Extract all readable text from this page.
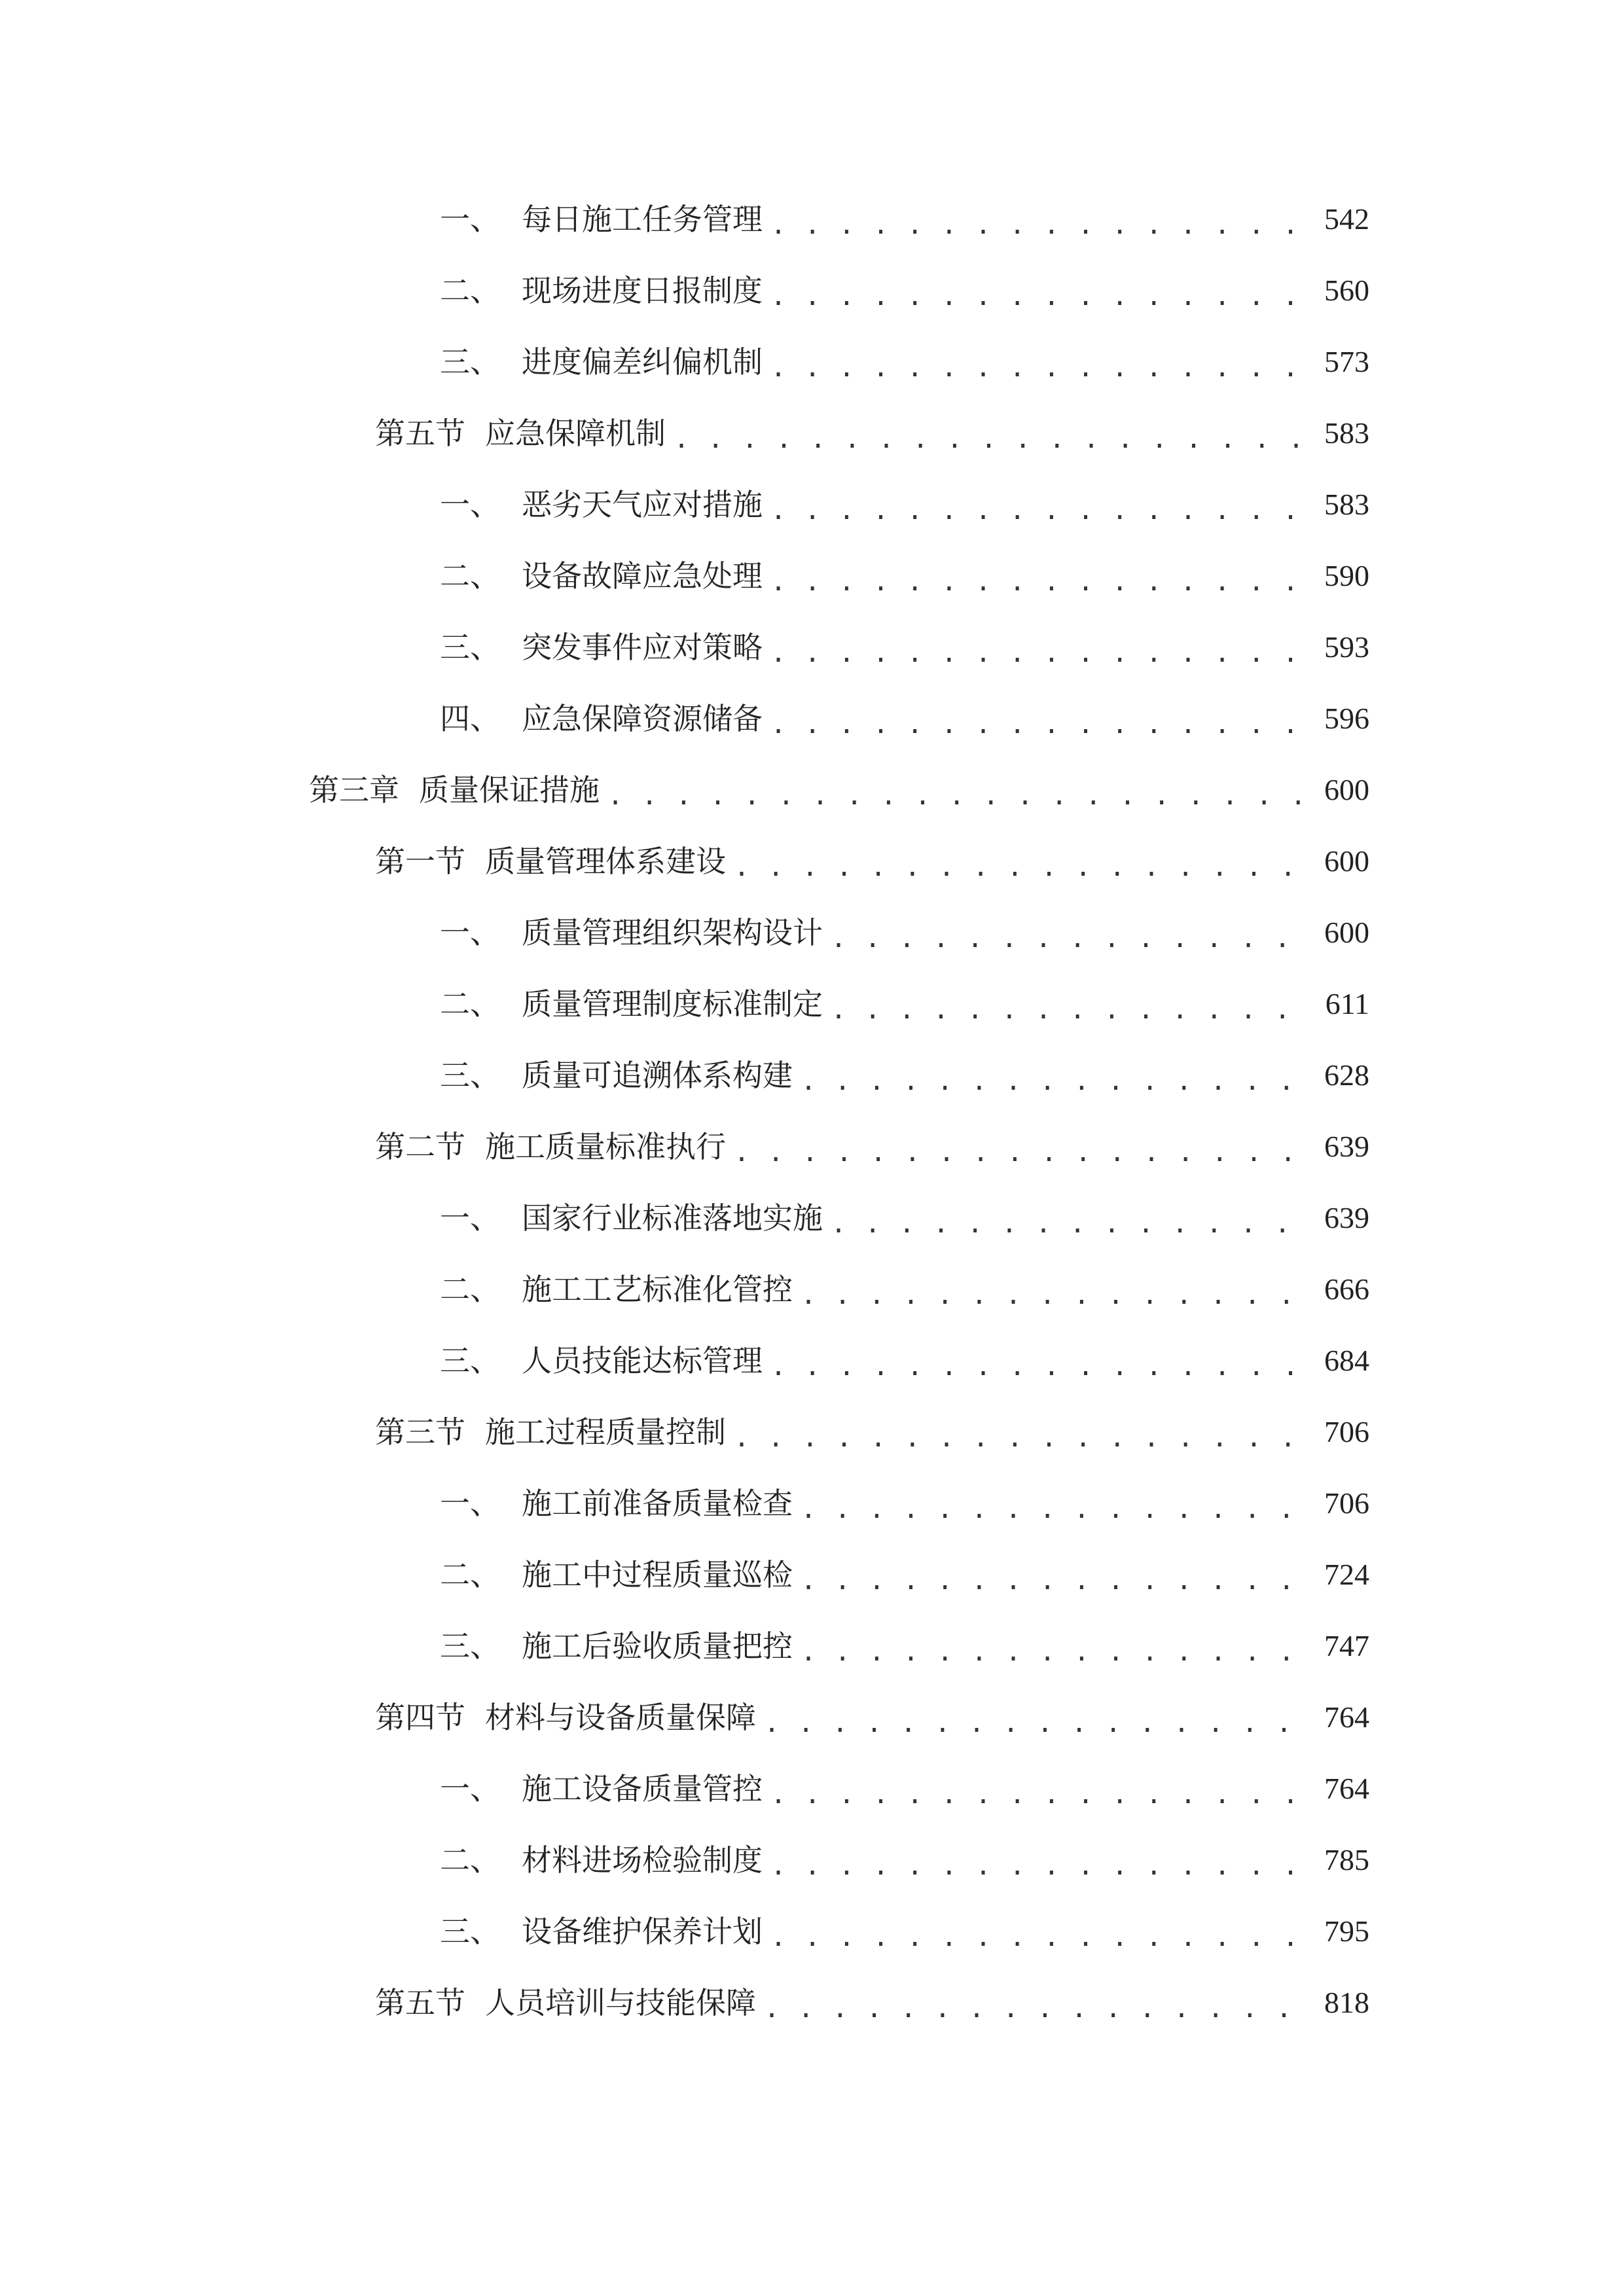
一、 每日施工任务管理 . . .	542
二、 现场进度日报制度 . . .	560
三、 进度偏差纠偏机制 . . .	573
第五节 应急保障机制 . . .	583
一、 恶劣天气应对措施 . . .	583
二、 设备故障应急处理 . . .	590
三、 突发事件应对策略 . . .	593
四、 应急保障资源储备 . . .	596
第三章 质量保证措施 . . .	600
第一节 质量管理体系建设 . . .	600
一、 质量管理组织架构设计 . . .	600
二、 质量管理制度标准制定 . . .	611
三、 质量可追溯体系构建 . . .	628
第二节 施工质量标准执行 . . .	639
一、 国家行业标准落地实施 . . .	639
二、 施工工艺标准化管控 . . .	666
三、 人员技能达标管理 . . .	684
第三节 施工过程质量控制 . . .	706
一、 施工前准备质量检查 . . .	706
二、 施工中过程质量巡检 . . .	724
三、 施工后验收质量把控 . . .	747
第四节 材料与设备质量保障 . . .	764
一、 施工设备质量管控 . . .	764
二、 材料进场检验制度 . . .	785
三、 设备维护保养计划 . . .	795
第五节 人员培训与技能保障 . . .	818
